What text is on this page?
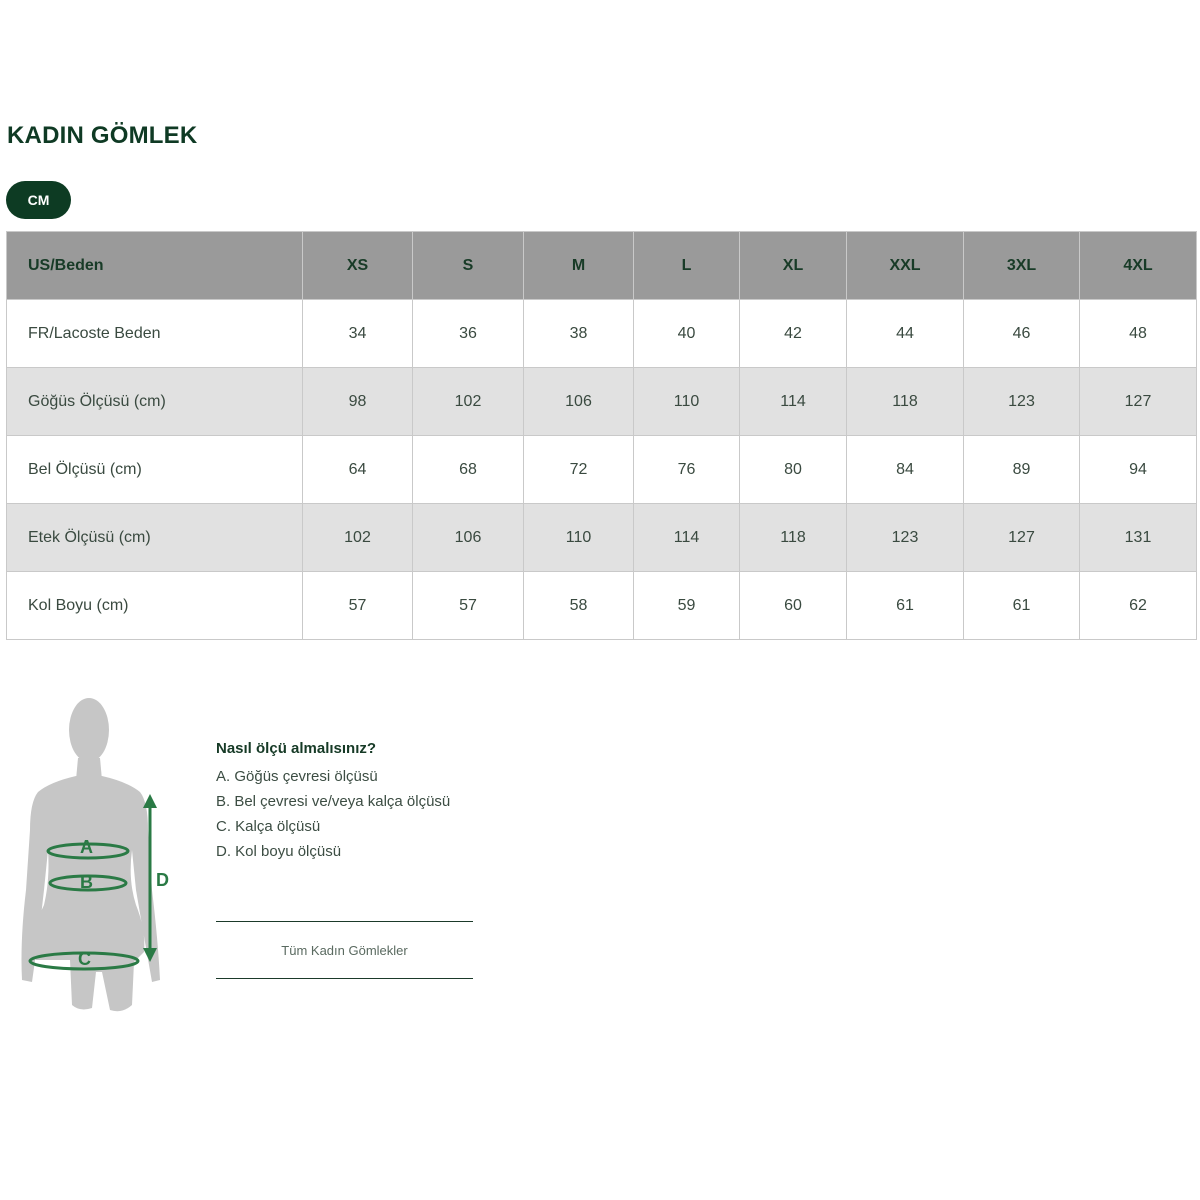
KADIN GÖMLEK
CM
US/Beden	XS	S	M	L	XL	XXL	3XL	4XL
FR/Lacoste Beden	34	36	38	40	42	44	46	48
Göğüs Ölçüsü (cm)	98	102	106	110	114	118	123	127
Bel Ölçüsü (cm)	64	68	72	76	80	84	89	94
Etek Ölçüsü (cm)	102	106	110	114	118	123	127	131
Kol Boyu (cm)	57	57	58	59	60	61	61	62
A
B
C
D

Nasıl ölçü almalısınız?

A. Göğüs çevresi ölçüsü

B. Bel çevresi ve/veya kalça ölçüsü

C. Kalça ölçüsü

D. Kol boyu ölçüsü

Tüm Kadın Gömlekler
